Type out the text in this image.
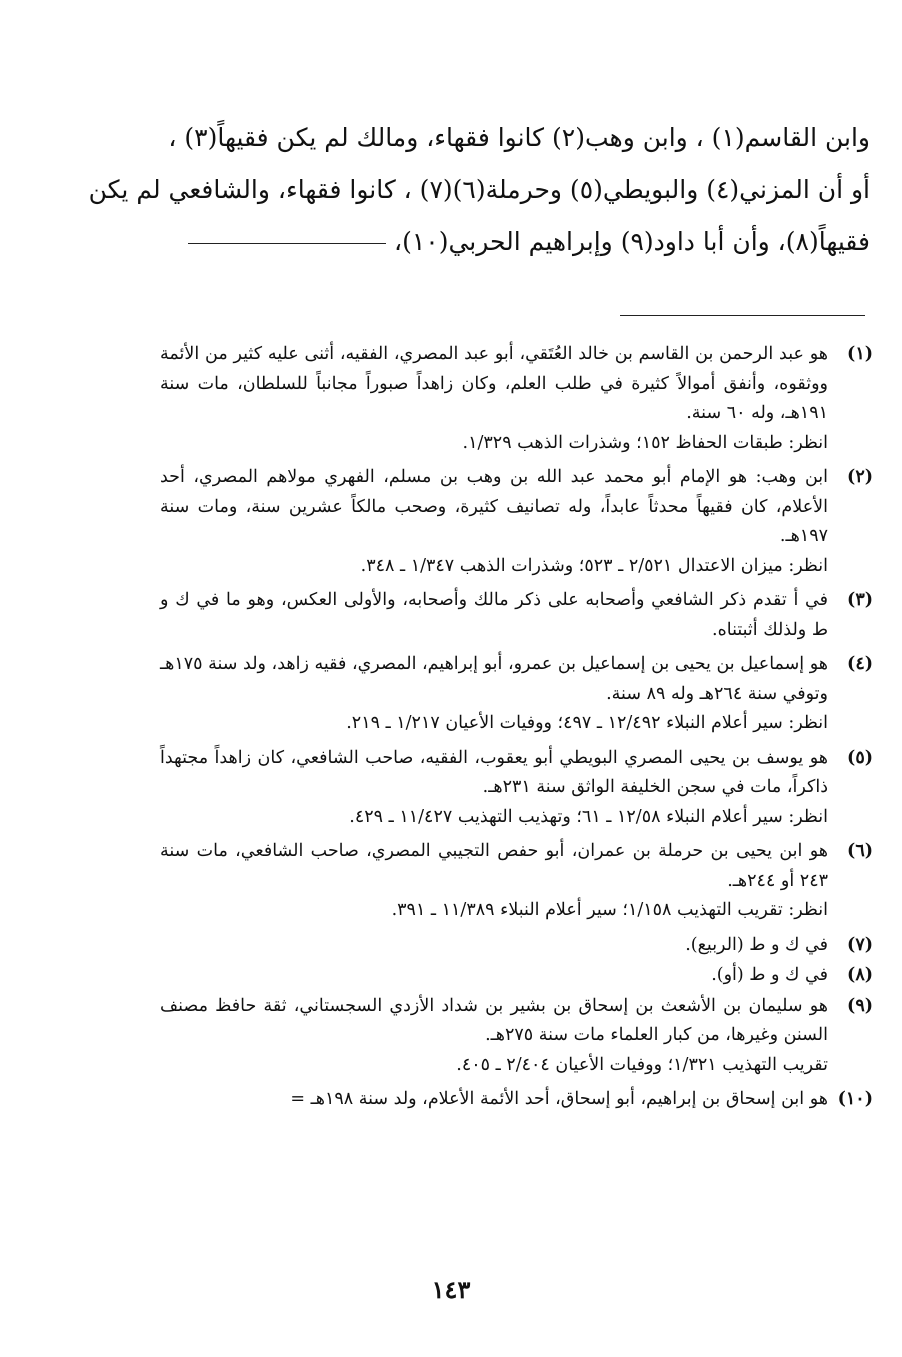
وابن القاسم(١) ، وابن وهب(٢) كانوا فقهاء، ومالك لم يكن فقيهاً(٣) ،
أو أن المزني(٤) والبويطي(٥) وحرملة(٦)(٧) ، كانوا فقهاء، والشافعي لم يكن
فقيهاً(٨)، وأن أبا داود(٩) وإبراهيم الحربي(١٠)،
(١)
هو عبد الرحمن بن القاسم بن خالد العُتَقي، أبو عبد المصري، الفقيه، أثنى عليه كثير من الأئمة ووثقوه، وأنفق أموالاً كثيرة في طلب العلم، وكان زاهداً صبوراً مجانباً للسلطان، مات سنة ١٩١هـ، وله ٦٠ سنة.
انظر: طبقات الحفاظ ١٥٢؛ وشذرات الذهب ١/٣٢٩.
(٢)
ابن وهب: هو الإمام أبو محمد عبد الله بن وهب بن مسلم، الفهري مولاهم المصري، أحد الأعلام، كان فقيهاً محدثاً عابداً، وله تصانيف كثيرة، وصحب مالكاً عشرين سنة، ومات سنة ١٩٧هـ.
انظر: ميزان الاعتدال ٢/٥٢١ ـ ٥٢٣؛ وشذرات الذهب ١/٣٤٧ ـ ٣٤٨.
(٣)
في أ تقدم ذكر الشافعي وأصحابه على ذكر مالك وأصحابه، والأولى العكس، وهو ما في ك و ط ولذلك أثبتناه.
(٤)
هو إسماعيل بن يحيى بن إسماعيل بن عمرو، أبو إبراهيم، المصري، فقيه زاهد، ولد سنة ١٧٥هـ وتوفي سنة ٢٦٤هـ وله ٨٩ سنة.
انظر: سير أعلام النبلاء ١٢/٤٩٢ ـ ٤٩٧؛ ووفيات الأعيان ١/٢١٧ ـ ٢١٩.
(٥)
هو يوسف بن يحيى المصري البويطي أبو يعقوب، الفقيه، صاحب الشافعي، كان زاهداً مجتهداً ذاكراً، مات في سجن الخليفة الواثق سنة ٢٣١هـ.
انظر: سير أعلام النبلاء ١٢/٥٨ ـ ٦١؛ وتهذيب التهذيب ١١/٤٢٧ ـ ٤٢٩.
(٦)
هو ابن يحيى بن حرملة بن عمران، أبو حفص التجيبي المصري، صاحب الشافعي، مات سنة ٢٤٣ أو ٢٤٤هـ.
انظر: تقريب التهذيب ١/١٥٨؛ سير أعلام النبلاء ١١/٣٨٩ ـ ٣٩١.
(٧)
في ك و ط (الربيع).
(٨)
في ك و ط (أو).
(٩)
هو سليمان بن الأشعث بن إسحاق بن بشير بن شداد الأزدي السجستاني، ثقة حافظ مصنف السنن وغيرها، من كبار العلماء مات سنة ٢٧٥هـ.
تقريب التهذيب ١/٣٢١؛ ووفيات الأعيان ٢/٤٠٤ ـ ٤٠٥.
(١٠)
هو ابن إسحاق بن إبراهيم، أبو إسحاق، أحد الأئمة الأعلام، ولد سنة ١٩٨هـ =
١٤٣
